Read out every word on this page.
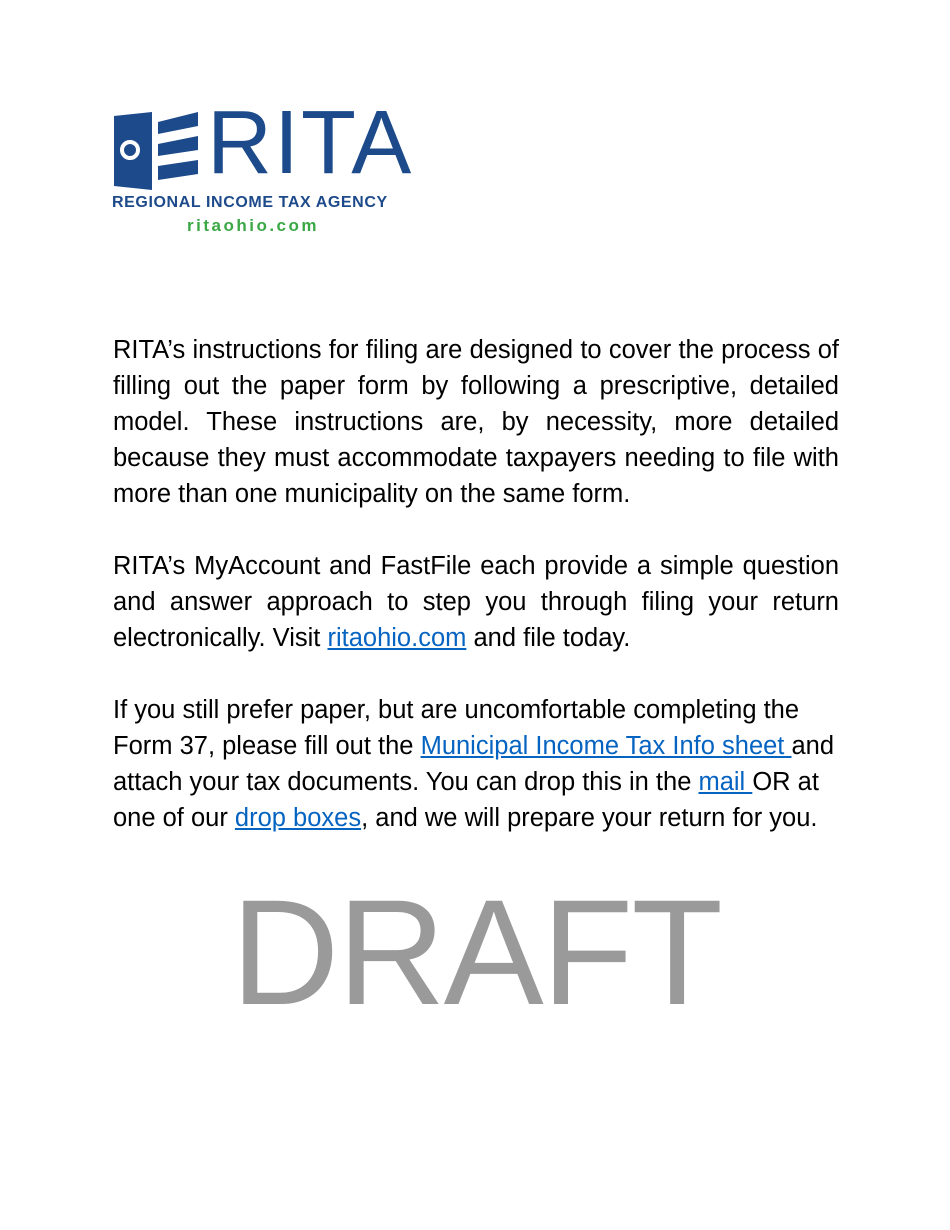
RITA
REGIONAL INCOME TAX AGENCY
ritaohio.com

RITA’s instructions for filing are designed to cover the process of filling out the paper form by following a prescriptive, detailed model. These instructions are, by necessity, more detailed because they must accommodate taxpayers needing to file with more than one municipality on the same form.

RITA’s MyAccount and FastFile each provide a simple question and answer approach to step you through filing your return electronically. Visit ritaohio.com and file today.

If you still prefer paper, but are uncomfortable completing the Form 37, please fill out the Municipal Income Tax Info sheet and attach your tax documents. You can drop this in the mail OR at one of our drop boxes, and we will prepare your return for you.

DRAFT
